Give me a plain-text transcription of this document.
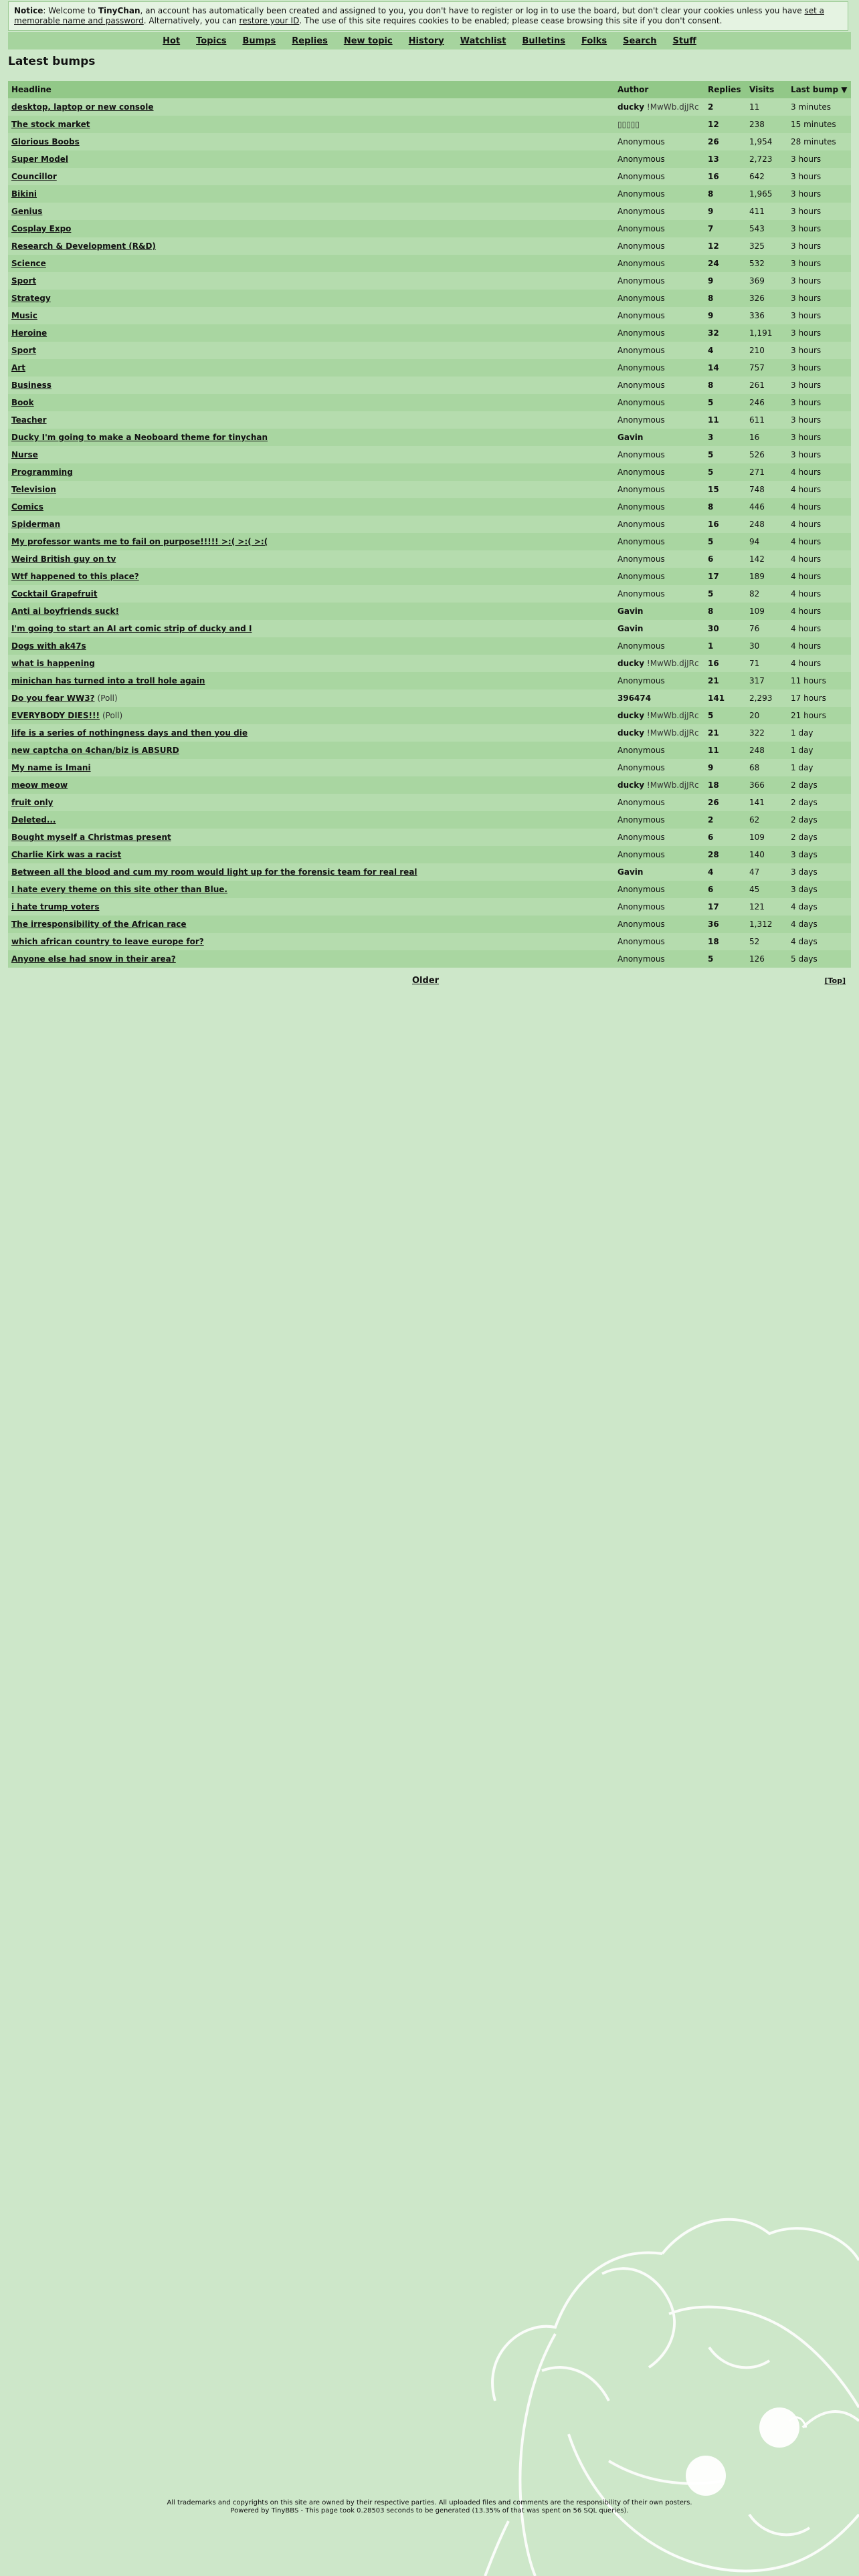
Notice: Welcome to TinyChan, an account has automatically been created and assigned to you, you don't have to register or log in to use the board, but don't clear your cookies unless you have set a memorable name and password. Alternatively, you can restore your ID. The use of this site requires cookies to be enabled; please cease browsing this site if you don't consent.
Hot	Topics	Bumps	Replies	New topic	History	Watchlist	Bulletins	Folks	Search	Stuff
Latest bumps
Headline	Author	Replies	Visits	Last bump ▼
desktop, laptop or new console	ducky !MwWb.djJRc	2	11	3 minutes
The stock market	▯▯▯▯▯	12	238	15 minutes
Glorious Boobs	Anonymous	26	1,954	28 minutes
Super Model	Anonymous	13	2,723	3 hours
Councillor	Anonymous	16	642	3 hours
Bikini	Anonymous	8	1,965	3 hours
Genius	Anonymous	9	411	3 hours
Cosplay Expo	Anonymous	7	543	3 hours
Research & Development (R&D)	Anonymous	12	325	3 hours
Science	Anonymous	24	532	3 hours
Sport	Anonymous	9	369	3 hours
Strategy	Anonymous	8	326	3 hours
Music	Anonymous	9	336	3 hours
Heroine	Anonymous	32	1,191	3 hours
Sport	Anonymous	4	210	3 hours
Art	Anonymous	14	757	3 hours
Business	Anonymous	8	261	3 hours
Book	Anonymous	5	246	3 hours
Teacher	Anonymous	11	611	3 hours
Ducky I'm going to make a Neoboard theme for tinychan	Gavin	3	16	3 hours
Nurse	Anonymous	5	526	3 hours
Programming	Anonymous	5	271	4 hours
Television	Anonymous	15	748	4 hours
Comics	Anonymous	8	446	4 hours
Spiderman	Anonymous	16	248	4 hours
My professor wants me to fail on purpose!!!!! >:( >:( >:(	Anonymous	5	94	4 hours
Weird British guy on tv	Anonymous	6	142	4 hours
Wtf happened to this place?	Anonymous	17	189	4 hours
Cocktail Grapefruit	Anonymous	5	82	4 hours
Anti ai boyfriends suck!	Gavin	8	109	4 hours
I'm going to start an AI art comic strip of ducky and I	Gavin	30	76	4 hours
Dogs with ak47s	Anonymous	1	30	4 hours
what is happening	ducky !MwWb.djJRc	16	71	4 hours
minichan has turned into a troll hole again	Anonymous	21	317	11 hours
Do you fear WW3? (Poll)	396474	141	2,293	17 hours
EVERYBODY DIES!!! (Poll)	ducky !MwWb.djJRc	5	20	21 hours
life is a series of nothingness days and then you die	ducky !MwWb.djJRc	21	322	1 day
new captcha on 4chan/biz is ABSURD	Anonymous	11	248	1 day
My name is Imani	Anonymous	9	68	1 day
meow meow	ducky !MwWb.djJRc	18	366	2 days
fruit only	Anonymous	26	141	2 days
Deleted...	Anonymous	2	62	2 days
Bought myself a Christmas present	Anonymous	6	109	2 days
Charlie Kirk was a racist	Anonymous	28	140	3 days
Between all the blood and cum my room would light up for the forensic team for real real	Gavin	4	47	3 days
I hate every theme on this site other than Blue.	Anonymous	6	45	3 days
i hate trump voters	Anonymous	17	121	4 days
The irresponsibility of the African race	Anonymous	36	1,312	4 days
which african country to leave europe for?	Anonymous	18	52	4 days
Anyone else had snow in their area?	Anonymous	5	126	5 days
Older	[Top]
All trademarks and copyrights on this site are owned by their respective parties. All uploaded files and comments are the responsibility of their own posters.
Powered by TinyBBS - This page took 0.28503 seconds to be generated (13.35% of that was spent on 56 SQL queries).
